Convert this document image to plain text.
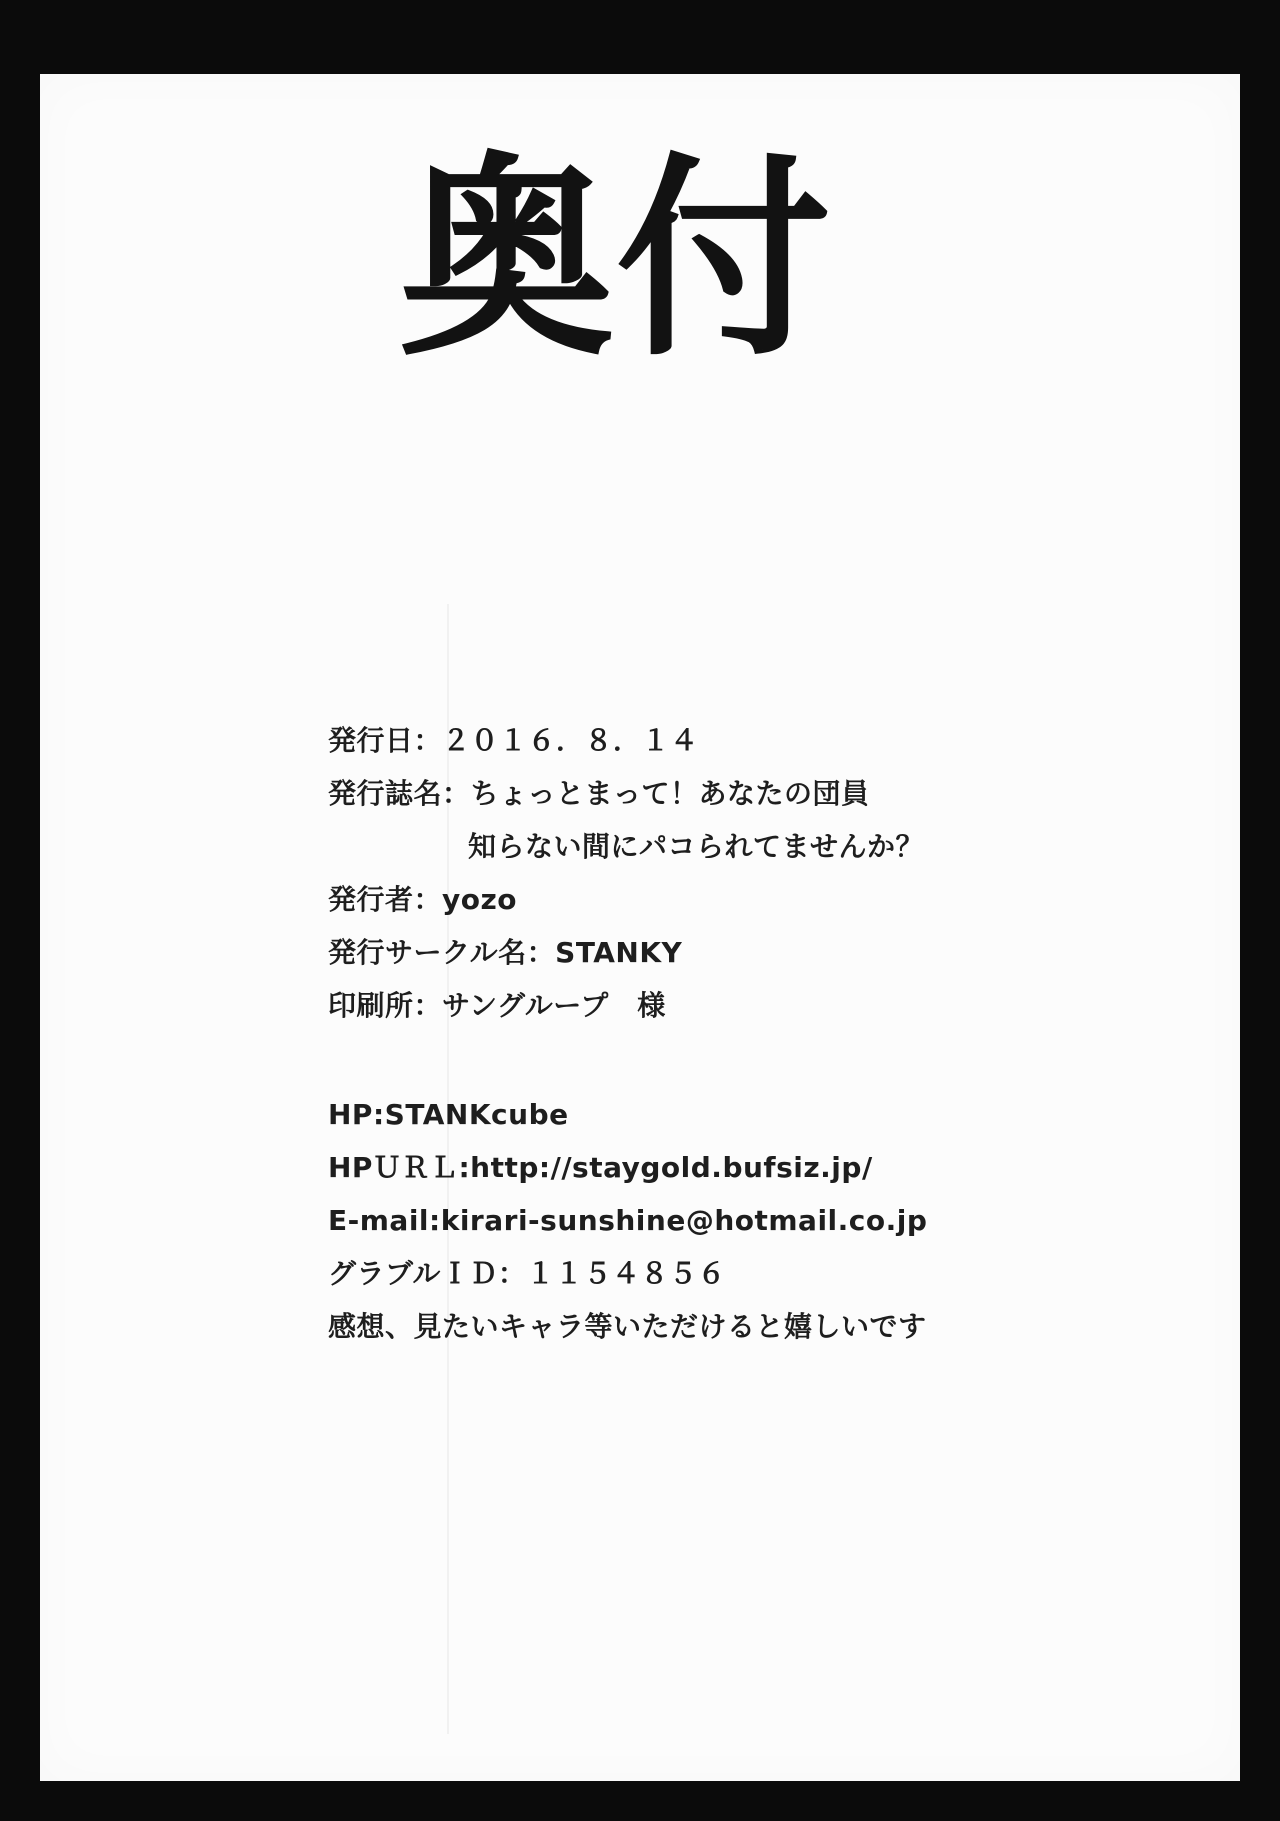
奥付
発行日：２０１６．８．１４
発行誌名：ちょっとまって！あなたの団員
知らない間にパコられてませんか？
発行者：yozo
発行サークル名：STANKY
印刷所：サングループ　様
HP:STANKcube
HPＵＲＬ:http://staygold.bufsiz.jp/
E-mail:kirari-sunshine@hotmail.co.jp
グラブルＩＤ：１１５４８５６
感想、見たいキャラ等いただけると嬉しいです
